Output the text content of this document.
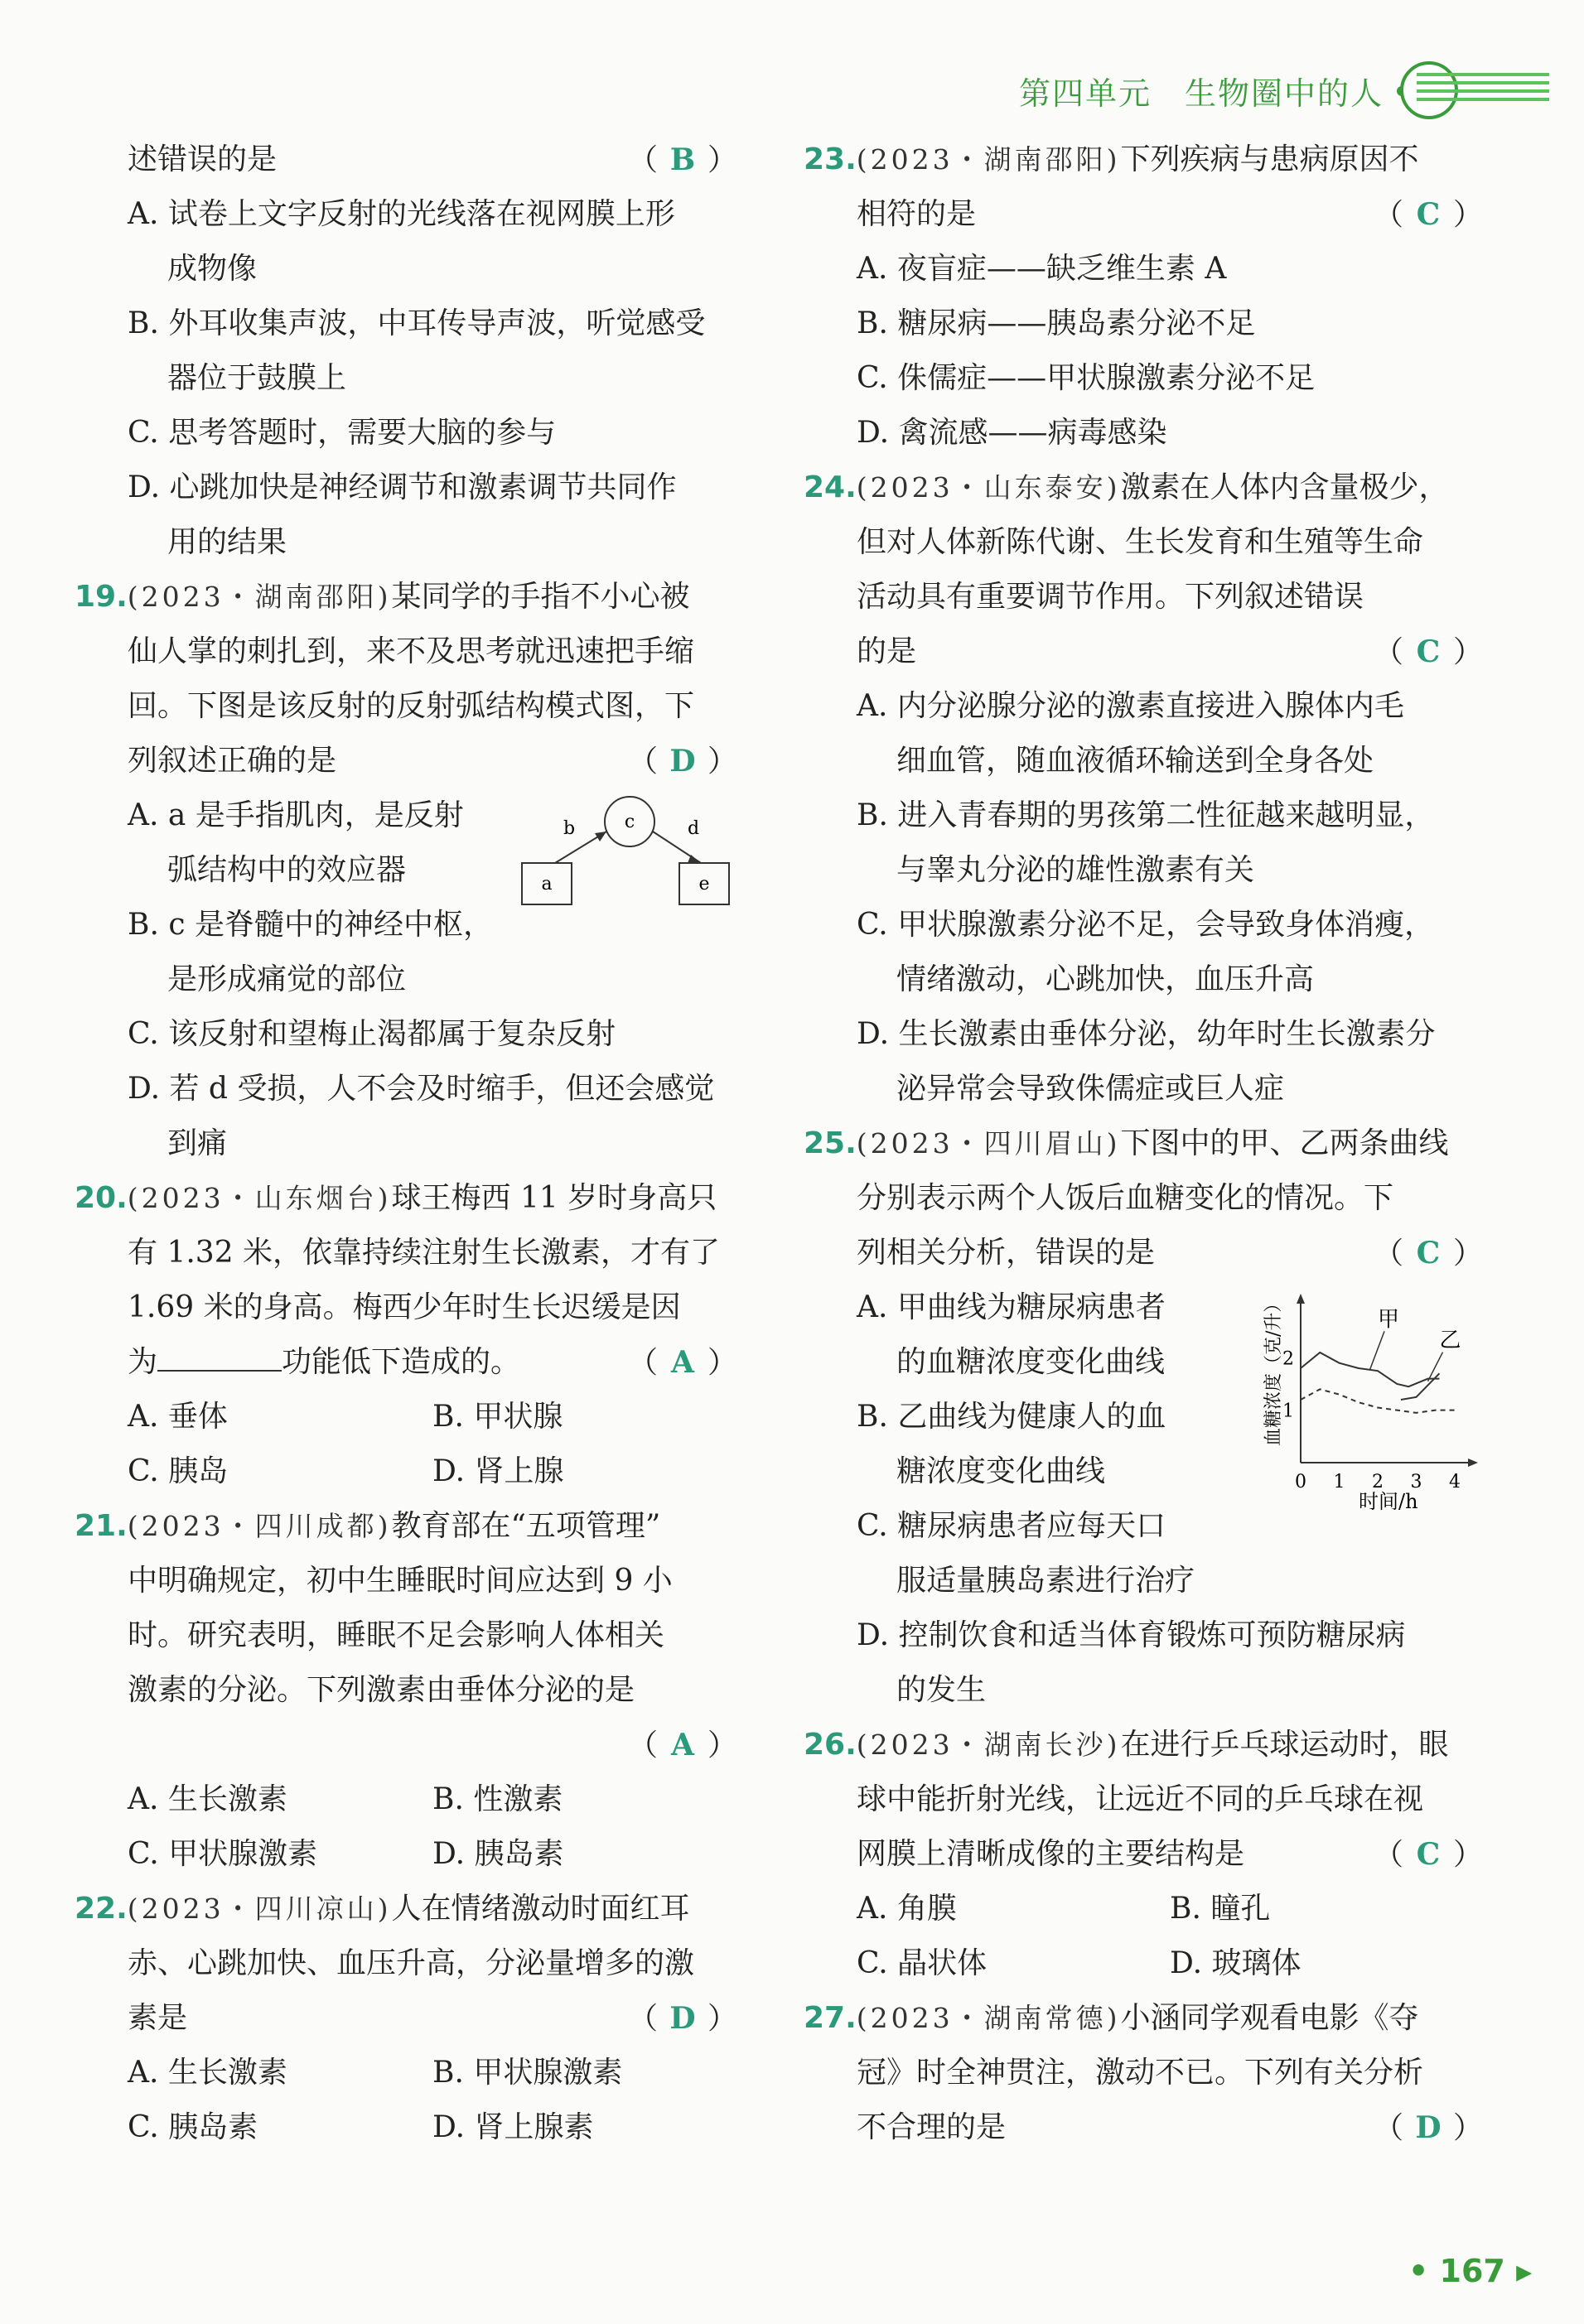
第四单元　生物圈中的人
述错误的是	（ B ）
A. 试卷上文字反射的光线落在视网膜上形
成物像
B. 外耳收集声波，中耳传导声波，听觉感受
器位于鼓膜上
C. 思考答题时，需要大脑的参与
D. 心跳加快是神经调节和激素调节共同作
用的结果
19.(2023・湖南邵阳)某同学的手指不小心被
仙人掌的刺扎到，来不及思考就迅速把手缩
回。下图是该反射的反射弧结构模式图，下
列叙述正确的是	（ D ）
A. a 是手指肌肉，是反射
弧结构中的效应器
B. c 是脊髓中的神经中枢，
是形成痛觉的部位
a
c
b	d
e
C. 该反射和望梅止渴都属于复杂反射
D. 若 d 受损，人不会及时缩手，但还会感觉
到痛
20.(2023・山东烟台)球王梅西 11 岁时身高只
有 1.32 米，依靠持续注射生长激素，才有了
1.69 米的身高。梅西少年时生长迟缓是因
为	功能低下造成的。	（ A ）
A. 垂体	B. 甲状腺
C. 胰岛	D. 肾上腺
21.(2023・四川成都)教育部在“五项管理”
中明确规定，初中生睡眠时间应达到 9 小
时。研究表明，睡眠不足会影响人体相关
激素的分泌。下列激素由垂体分泌的是
（ A ）
A. 生长激素	B. 性激素
C. 甲状腺激素	D. 胰岛素
22.(2023・四川凉山)人在情绪激动时面红耳
赤、心跳加快、血压升高，分泌量增多的激
素是	（ D ）
A. 生长激素	B. 甲状腺激素
C. 胰岛素	D. 肾上腺素
23.(2023・湖南邵阳)下列疾病与患病原因不
相符的是	（ C ）
A. 夜盲症——缺乏维生素 A
B. 糖尿病——胰岛素分泌不足
C. 侏儒症——甲状腺激素分泌不足
D. 禽流感——病毒感染
24.(2023・山东泰安)激素在人体内含量极少，
但对人体新陈代谢、生长发育和生殖等生命
活动具有重要调节作用。下列叙述错误
的是	（ C ）
A. 内分泌腺分泌的激素直接进入腺体内毛
细血管，随血液循环输送到全身各处
B. 进入青春期的男孩第二性征越来越明显，
与睾丸分泌的雄性激素有关
C. 甲状腺激素分泌不足，会导致身体消瘦，
情绪激动，心跳加快，血压升高
D. 生长激素由垂体分泌，幼年时生长激素分
泌异常会导致侏儒症或巨人症
25.(2023・四川眉山)下图中的甲、乙两条曲线
分别表示两个人饭后血糖变化的情况。下
列相关分析，错误的是	（ C ）
A. 甲曲线为糖尿病患者
的血糖浓度变化曲线
B. 乙曲线为健康人的血
糖浓度变化曲线
C. 糖尿病患者应每天口
服适量胰岛素进行治疗
0 1 2 3 4
1
2
甲
乙
血糖浓度（克/升）
时间/h
D. 控制饮食和适当体育锻炼可预防糖尿病
的发生
26.(2023・湖南长沙)在进行乒乓球运动时，眼
球中能折射光线，让远近不同的乒乓球在视
网膜上清晰成像的主要结构是	（ C ）
A. 角膜	B. 瞳孔
C. 晶状体	D. 玻璃体
27.(2023・湖南常德)小涵同学观看电影《夺
冠》时全神贯注，激动不已。下列有关分析
不合理的是	（ D ）
• 167 ▸
